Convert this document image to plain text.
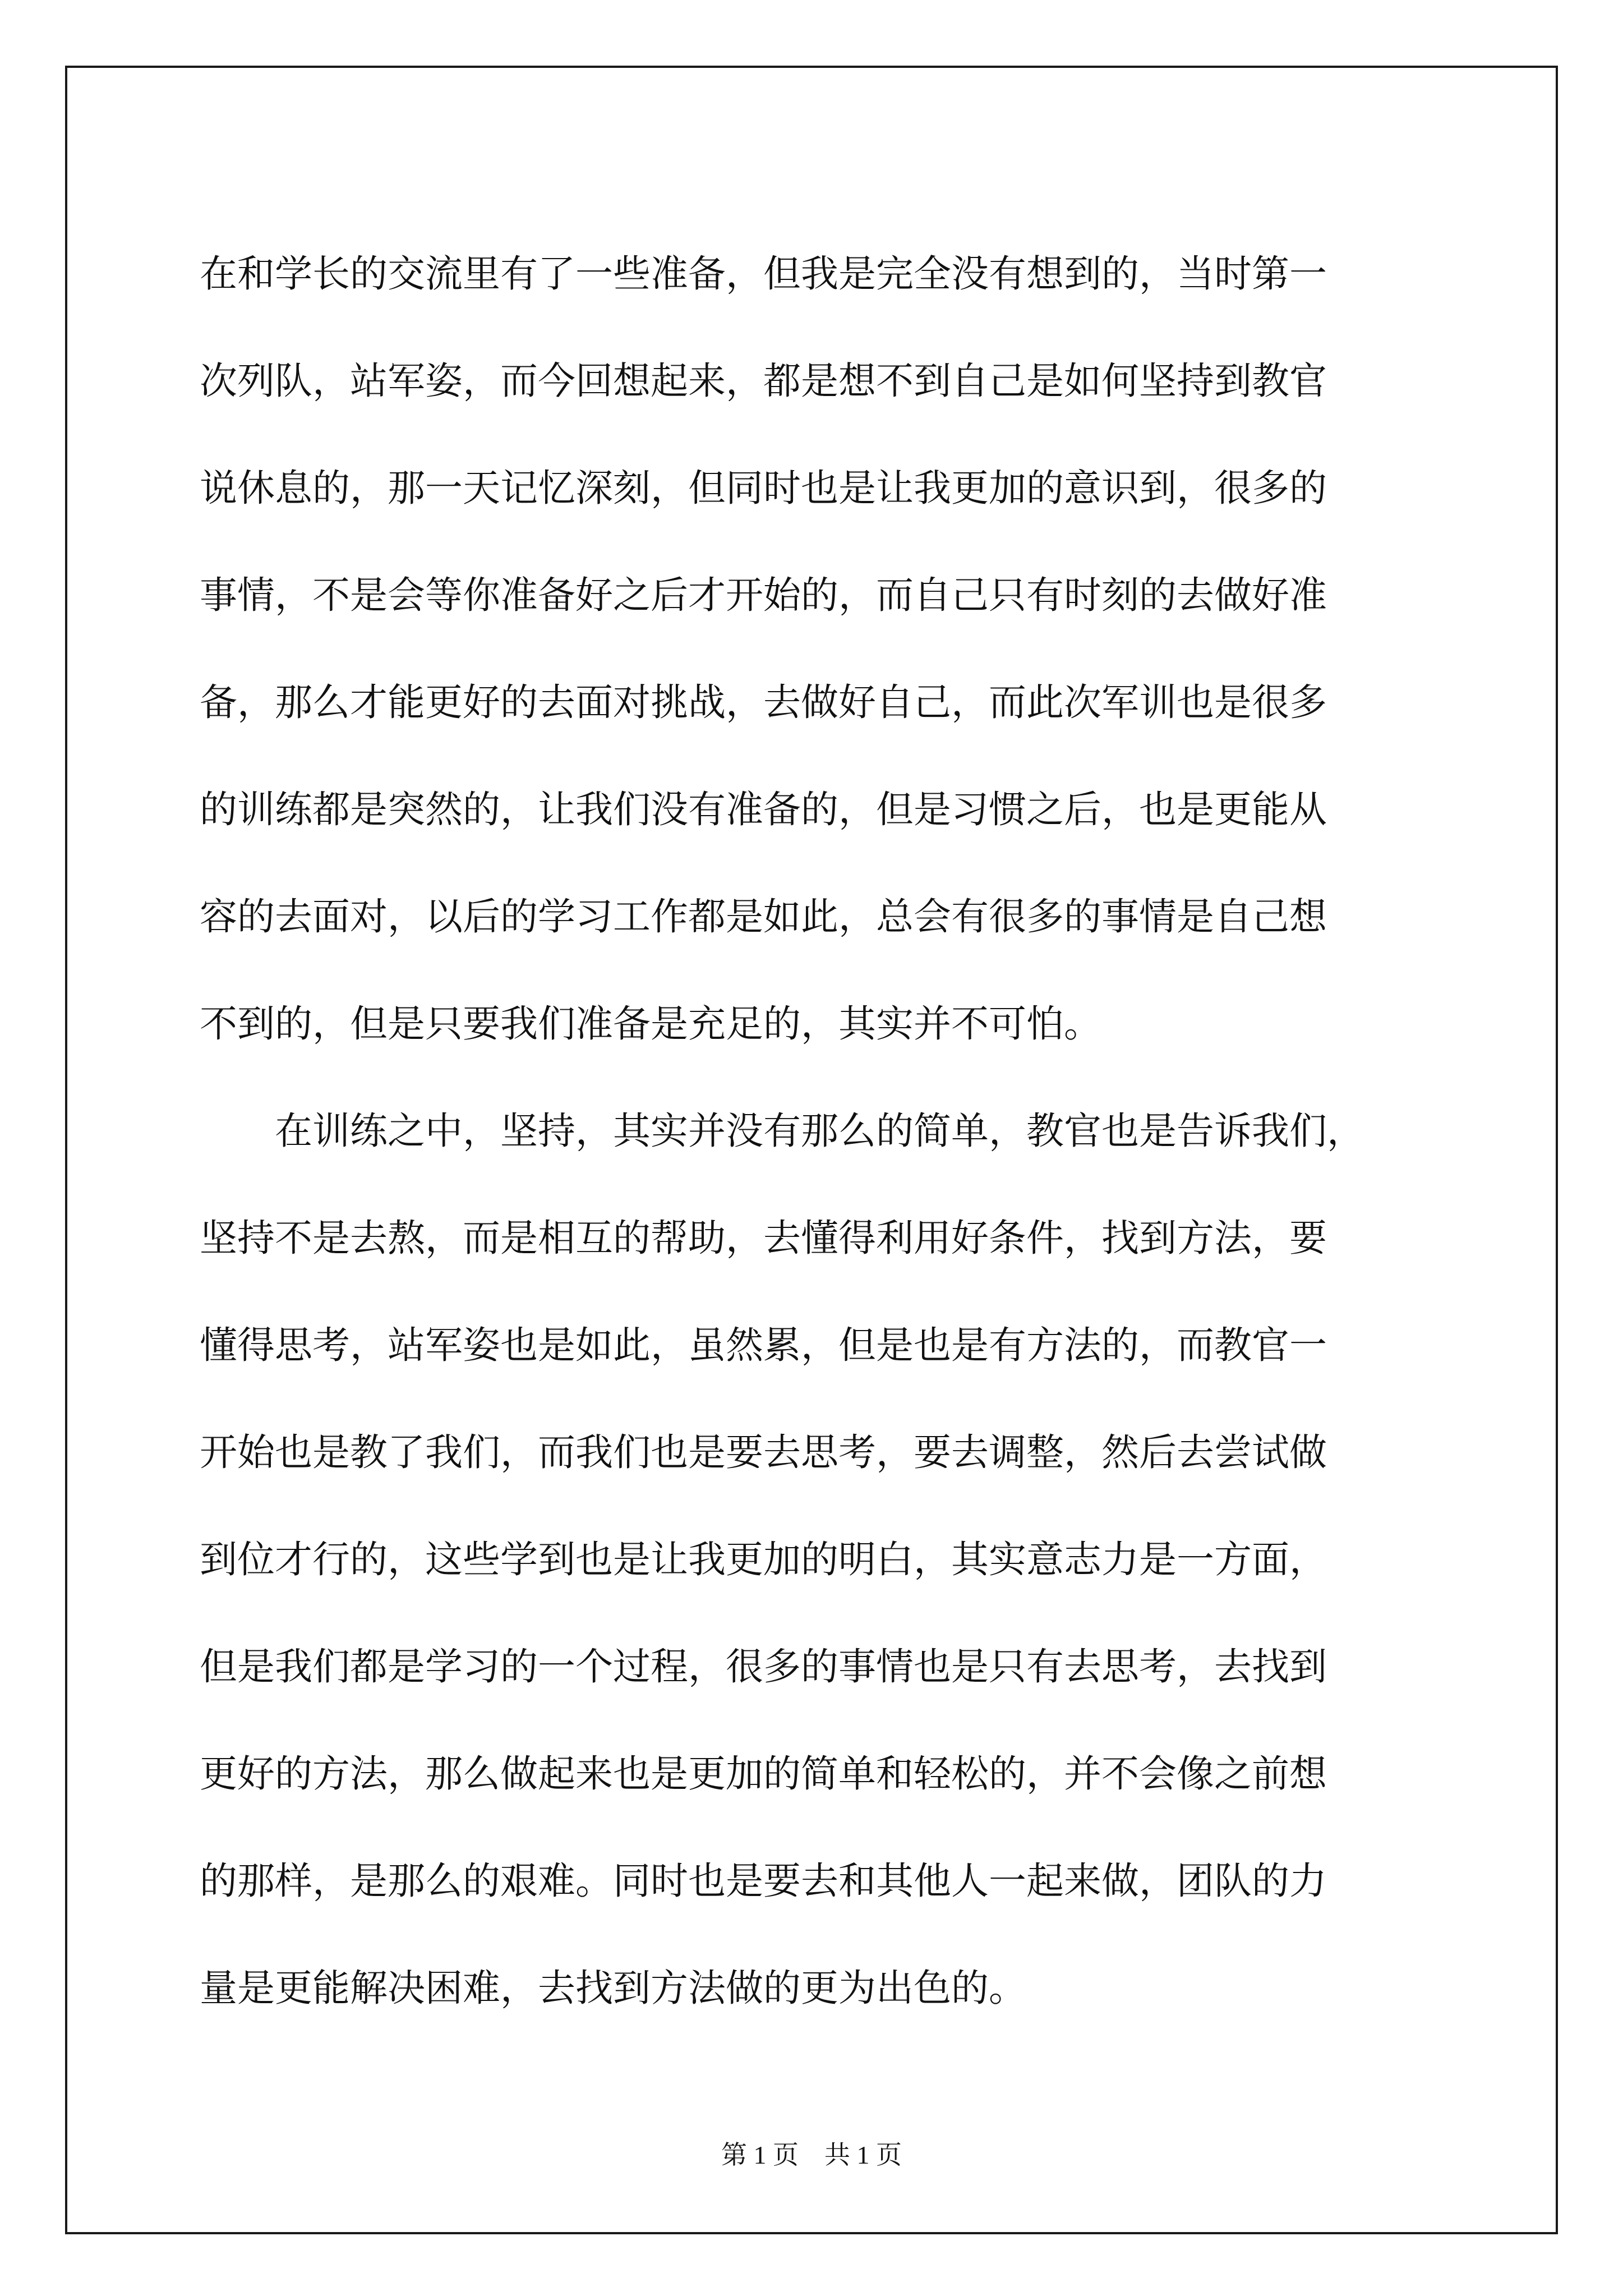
在和学长的交流里有了一些准备，但我是完全没有想到的，当时第一
次列队，站军姿，而今回想起来，都是想不到自己是如何坚持到教官
说休息的，那一天记忆深刻，但同时也是让我更加的意识到，很多的
事情，不是会等你准备好之后才开始的，而自己只有时刻的去做好准
备，那么才能更好的去面对挑战，去做好自己，而此次军训也是很多
的训练都是突然的，让我们没有准备的，但是习惯之后，也是更能从
容的去面对，以后的学习工作都是如此，总会有很多的事情是自己想
不到的，但是只要我们准备是充足的，其实并不可怕。
　　在训练之中，坚持，其实并没有那么的简单，教官也是告诉我们，
坚持不是去熬，而是相互的帮助，去懂得利用好条件，找到方法，要
懂得思考，站军姿也是如此，虽然累，但是也是有方法的，而教官一
开始也是教了我们，而我们也是要去思考，要去调整，然后去尝试做
到位才行的，这些学到也是让我更加的明白，其实意志力是一方面，
但是我们都是学习的一个过程，很多的事情也是只有去思考，去找到
更好的方法，那么做起来也是更加的简单和轻松的，并不会像之前想
的那样，是那么的艰难。同时也是要去和其他人一起来做，团队的力
量是更能解决困难，去找到方法做的更为出色的。
第 1 页　共 1 页
